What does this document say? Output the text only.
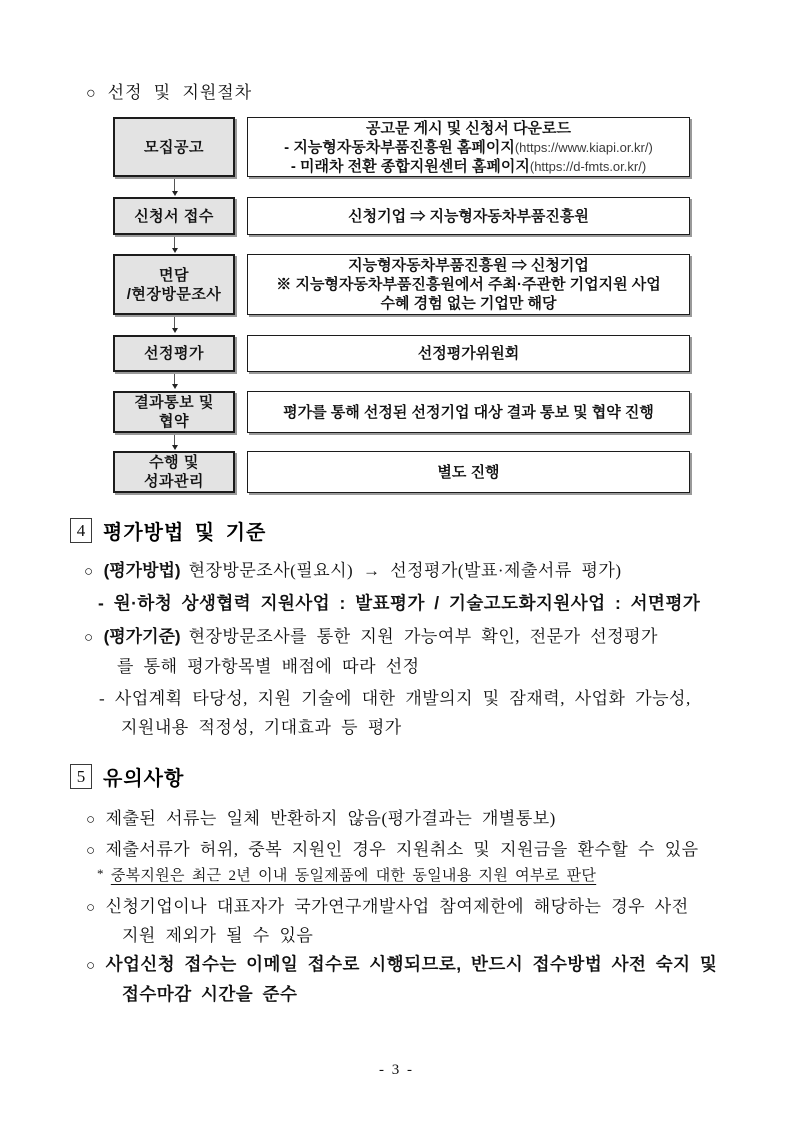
○ 선정 및 지원절차
모집공고
공고문 게시 및 신청서 다운로드
- 지능형자동차부품진흥원 홈페이지(https://www.kiapi.or.kr/)
- 미래차 전환 종합지원센터 홈페이지(https://d-fmts.or.kr/)
신청서 접수	신청기업 ⇒ 지능형자동차부품진흥원
면담
/현장방문조사
지능형자동차부품진흥원 ⇒ 신청기업
※ 지능형자동차부품진흥원에서 주최·주관한 기업지원 사업
수혜 경험 없는 기업만 해당
선정평가	선정평가위원회
결과통보 및
협약
평가를 통해 선정된 선정기업 대상 결과 통보 및 협약 진행
수행 및
성과관리
별도 진행
4 평가방법 및 기준
○ (평가방법) 현장방문조사(필요시) → 선정평가(발표·제출서류 평가)
- 원·하청 상생협력 지원사업 : 발표평가 / 기술고도화지원사업 : 서면평가
○ (평가기준) 현장방문조사를 통한 지원 가능여부 확인, 전문가 선정평가
를 통해 평가항목별 배점에 따라 선정
- 사업계획 타당성, 지원 기술에 대한 개발의지 및 잠재력, 사업화 가능성,
지원내용 적정성, 기대효과 등 평가
5 유의사항
○ 제출된 서류는 일체 반환하지 않음(평가결과는 개별통보)
○ 제출서류가 허위, 중복 지원인 경우 지원취소 및 지원금을 환수할 수 있음
* 중복지원은 최근 2년 이내 동일제품에 대한 동일내용 지원 여부로 판단
○ 신청기업이나 대표자가 국가연구개발사업 참여제한에 해당하는 경우 사전
지원 제외가 될 수 있음
○ 사업신청 접수는 이메일 접수로 시행되므로, 반드시 접수방법 사전 숙지 및
접수마감 시간을 준수
- 3 -
